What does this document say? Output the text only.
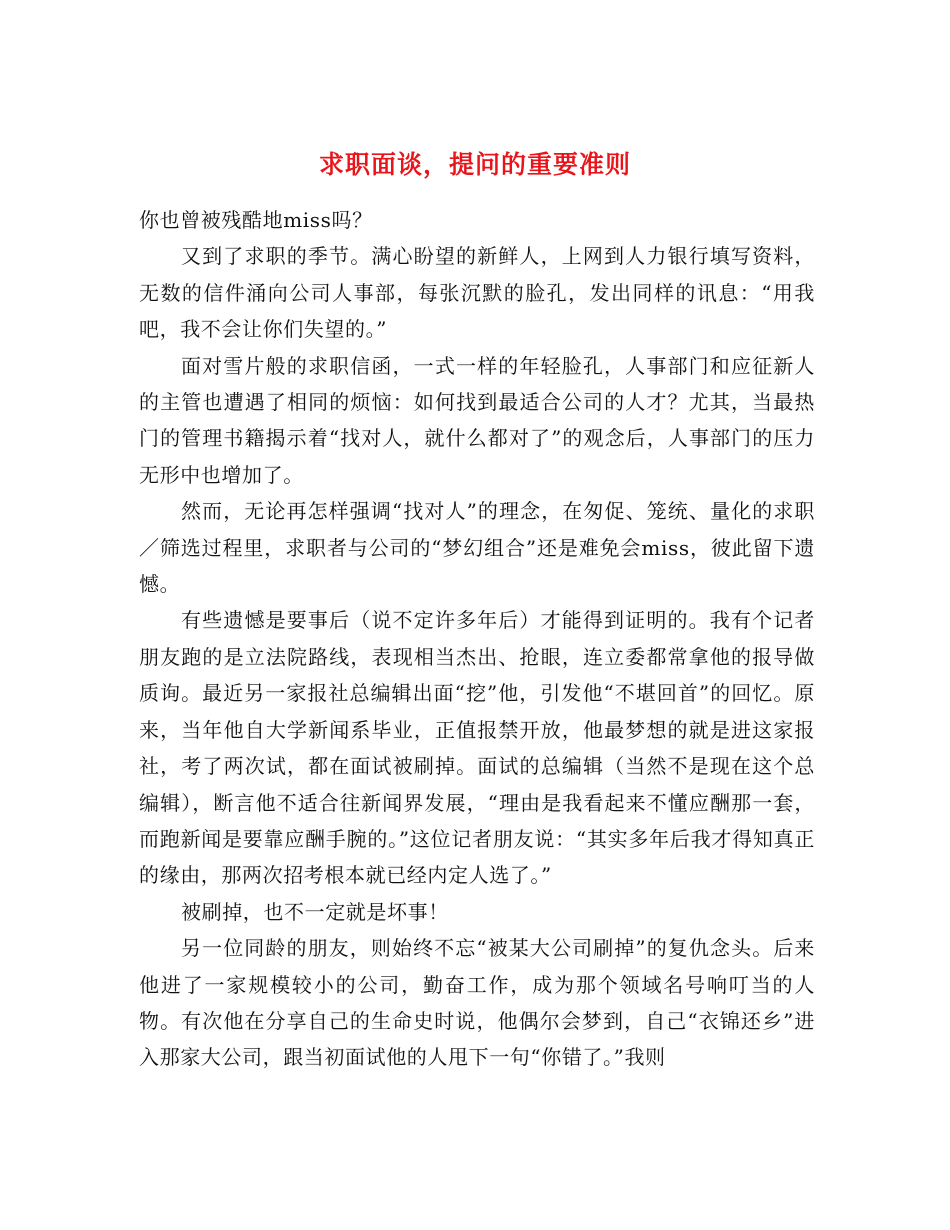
求职面谈，提问的重要准则

你也曾被残酷地miss吗？

又到了求职的季节。满心盼望的新鲜人，上网到人力银行填写资料，无数的信件涌向公司人事部，每张沉默的脸孔，发出同样的讯息：“用我吧，我不会让你们失望的。”

面对雪片般的求职信函，一式一样的年轻脸孔，人事部门和应征新人的主管也遭遇了相同的烦恼：如何找到最适合公司的人才？尤其，当最热门的管理书籍揭示着“找对人，就什么都对了”的观念后，人事部门的压力无形中也增加了。

然而，无论再怎样强调“找对人”的理念，在匆促、笼统、量化的求职／筛选过程里，求职者与公司的“梦幻组合”还是难免会miss，彼此留下遗憾。

有些遗憾是要事后（说不定许多年后）才能得到证明的。我有个记者朋友跑的是立法院路线，表现相当杰出、抢眼，连立委都常拿他的报导做质询。最近另一家报社总编辑出面“挖”他，引发他“不堪回首”的回忆。原来，当年他自大学新闻系毕业，正值报禁开放，他最梦想的就是进这家报社，考了两次试，都在面试被刷掉。面试的总编辑（当然不是现在这个总编辑），断言他不适合往新闻界发展，“理由是我看起来不懂应酬那一套，而跑新闻是要靠应酬手腕的。”这位记者朋友说：“其实多年后我才得知真正的缘由，那两次招考根本就已经内定人选了。”

被刷掉，也不一定就是坏事！

另一位同龄的朋友，则始终不忘“被某大公司刷掉”的复仇念头。后来他进了一家规模较小的公司，勤奋工作，成为那个领域名号响叮当的人物。有次他在分享自己的生命史时说，他偶尔会梦到，自己“衣锦还乡”进入那家大公司，跟当初面试他的人甩下一句“你错了。”我则
